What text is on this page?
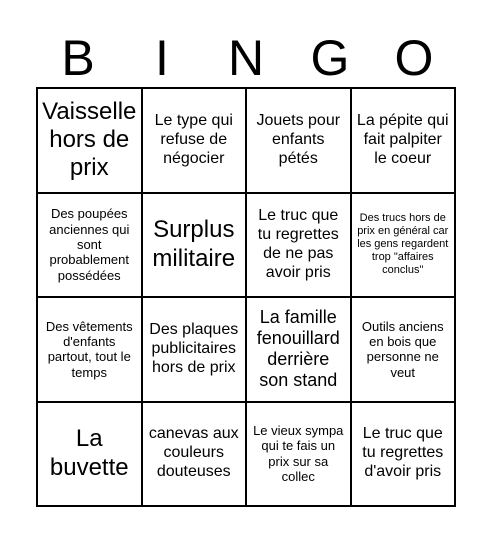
B	I	N G O
Vaisselle hors de prix
Le type qui refuse de négocier
Jouets pour enfants pétés
La pépite qui fait palpiter le coeur
Des poupées anciennes qui sont probablement possédées
Surplus militaire
Le truc que tu regrettes de ne pas avoir pris
Des trucs hors de prix en général car les gens regardent trop "affaires conclus"
Des vêtements d'enfants partout, tout le temps
Des plaques publicitaires hors de prix
La famille fenouillard derrière son stand
Outils anciens en bois que personne ne veut
La buvette
canevas aux couleurs douteuses
Le vieux sympa qui te fais un prix sur sa collec
Le truc que tu regrettes d'avoir pris
